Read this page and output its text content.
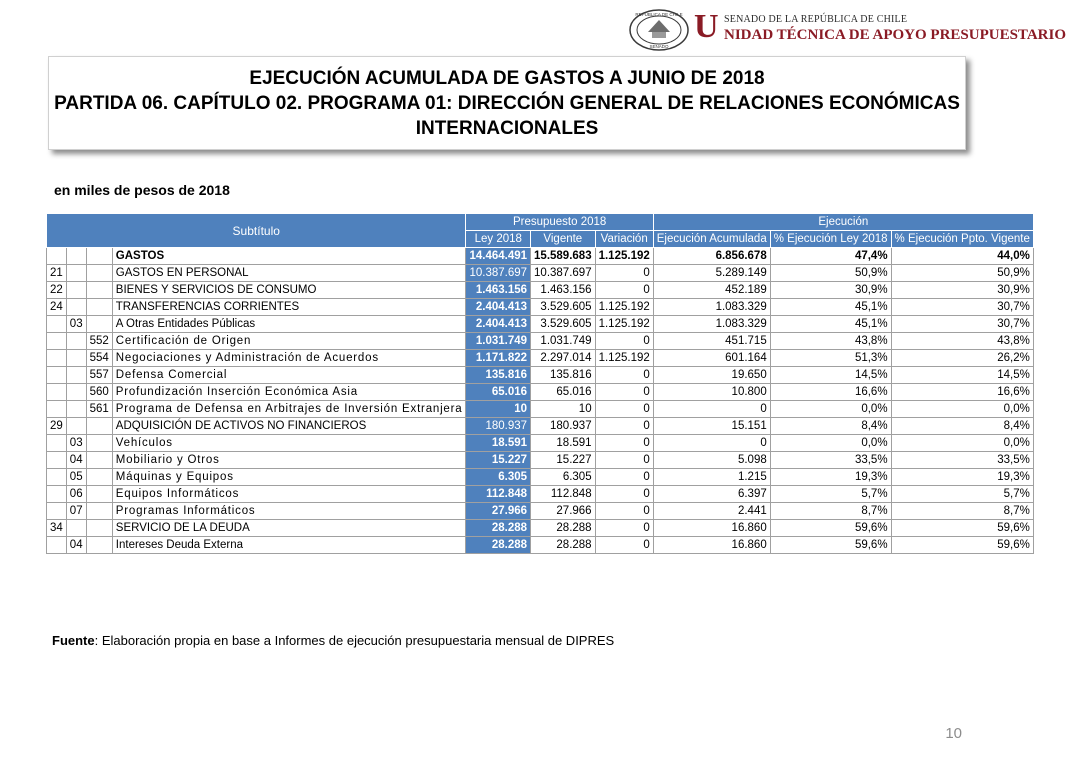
REPÚBLICA DE CHILE
SENADO
U SENADO DE LA REPÚBLICA DE CHILE
NIDAD TÉCNICA DE APOYO PRESUPUESTARIO
EJECUCIÓN ACUMULADA DE GASTOS A JUNIO DE 2018
PARTIDA 06. CAPÍTULO 02. PROGRAMA 01: DIRECCIÓN GENERAL DE RELACIONES ECONÓMICAS
INTERNACIONALES
en miles de pesos de 2018
Subtítulo				Presupuesto 2018			Ejecución		
				Ley 2018	Vigente	Variación	Ejecución Acumulada	% Ejecución Ley 2018	% Ejecución Ppto. Vigente
			GASTOS	14.464.491	15.589.683	1.125.192	6.856.678	47,4%	44,0%
21			GASTOS EN PERSONAL	10.387.697	10.387.697	0	5.289.149	50,9%	50,9%
22			BIENES Y SERVICIOS DE CONSUMO	1.463.156	1.463.156	0	452.189	30,9%	30,9%
24			TRANSFERENCIAS CORRIENTES	2.404.413	3.529.605	1.125.192	1.083.329	45,1%	30,7%
	03		A Otras Entidades Públicas	2.404.413	3.529.605	1.125.192	1.083.329	45,1%	30,7%
		552	Certificación de Origen	1.031.749	1.031.749	0	451.715	43,8%	43,8%
		554	Negociaciones y Administración de Acuerdos	1.171.822	2.297.014	1.125.192	601.164	51,3%	26,2%
		557	Defensa Comercial	135.816	135.816	0	19.650	14,5%	14,5%
		560	Profundización Inserción Económica Asia	65.016	65.016	0	10.800	16,6%	16,6%
		561	Programa de Defensa en Arbitrajes de Inversión Extranjera	10	10	0	0	0,0%	0,0%
29			ADQUISICIÓN DE ACTIVOS NO FINANCIEROS	180.937	180.937	0	15.151	8,4%	8,4%
	03		Vehículos	18.591	18.591	0	0	0,0%	0,0%
	04		Mobiliario y Otros	15.227	15.227	0	5.098	33,5%	33,5%
	05		Máquinas y Equipos	6.305	6.305	0	1.215	19,3%	19,3%
	06		Equipos Informáticos	112.848	112.848	0	6.397	5,7%	5,7%
	07		Programas Informáticos	27.966	27.966	0	2.441	8,7%	8,7%
34			SERVICIO DE LA DEUDA	28.288	28.288	0	16.860	59,6%	59,6%
	04		Intereses Deuda Externa	28.288	28.288	0	16.860	59,6%	59,6%
Fuente: Elaboración propia en base a Informes de ejecución presupuestaria mensual de DIPRES
10
